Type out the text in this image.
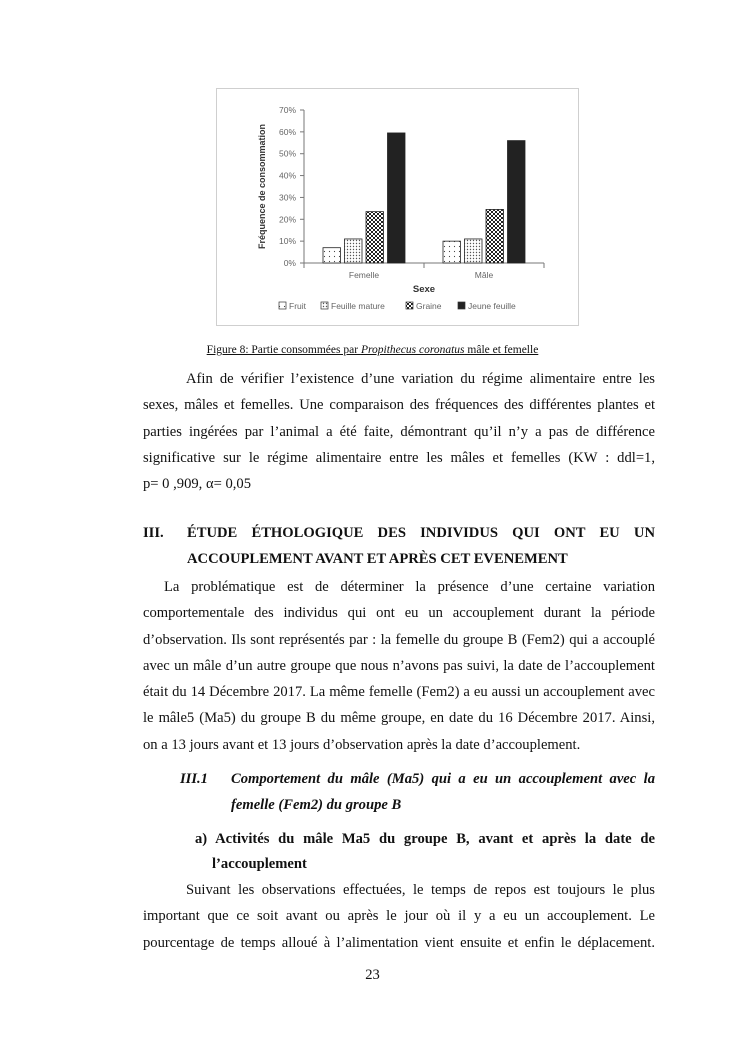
0%
10%
20%
30%
40%
50%
60%
70%
Femelle	Mâle
Sexe
Fréquence de consommation
Fruit	Feuille mature	Graine	Jeune feuille
Figure 8: Partie consommées par Propithecus coronatus mâle et femelle
Afin de vérifier l’existence d’une variation du régime alimentaire entre les
sexes, mâles et femelles. Une comparaison des fréquences des différentes plantes et
parties ingérées par l’animal a été faite, démontrant qu’il n’y a pas de différence
significative sur le régime alimentaire entre les mâles et femelles (KW : ddl=1,
p= 0 ,909, α= 0,05
III. ÉTUDE ÉTHOLOGIQUE DES INDIVIDUS QUI ONT EU UN
ACCOUPLEMENT AVANT ET APRÈS CET EVENEMENT
La problématique est de déterminer la présence d’une certaine variation
comportementale des individus qui ont eu un accouplement durant la période
d’observation. Ils sont représentés par : la femelle du groupe B (Fem2) qui a accouplé
avec un mâle d’un autre groupe que nous n’avons pas suivi, la date de l’accouplement
était du 14 Décembre 2017. La même femelle (Fem2) a eu aussi un accouplement avec
le mâle5 (Ma5) du groupe B du même groupe, en date du 16 Décembre 2017. Ainsi,
on a 13 jours avant et 13 jours d’observation après la date d’accouplement.
III.1 Comportement du mâle (Ma5) qui a eu un accouplement avec la
femelle (Fem2) du groupe B
a) Activités du mâle Ma5 du groupe B, avant et après la date de
l’accouplement
Suivant les observations effectuées, le temps de repos est toujours le plus
important que ce soit avant ou après le jour où il y a eu un accouplement. Le
pourcentage de temps alloué à l’alimentation vient ensuite et enfin le déplacement.
23
